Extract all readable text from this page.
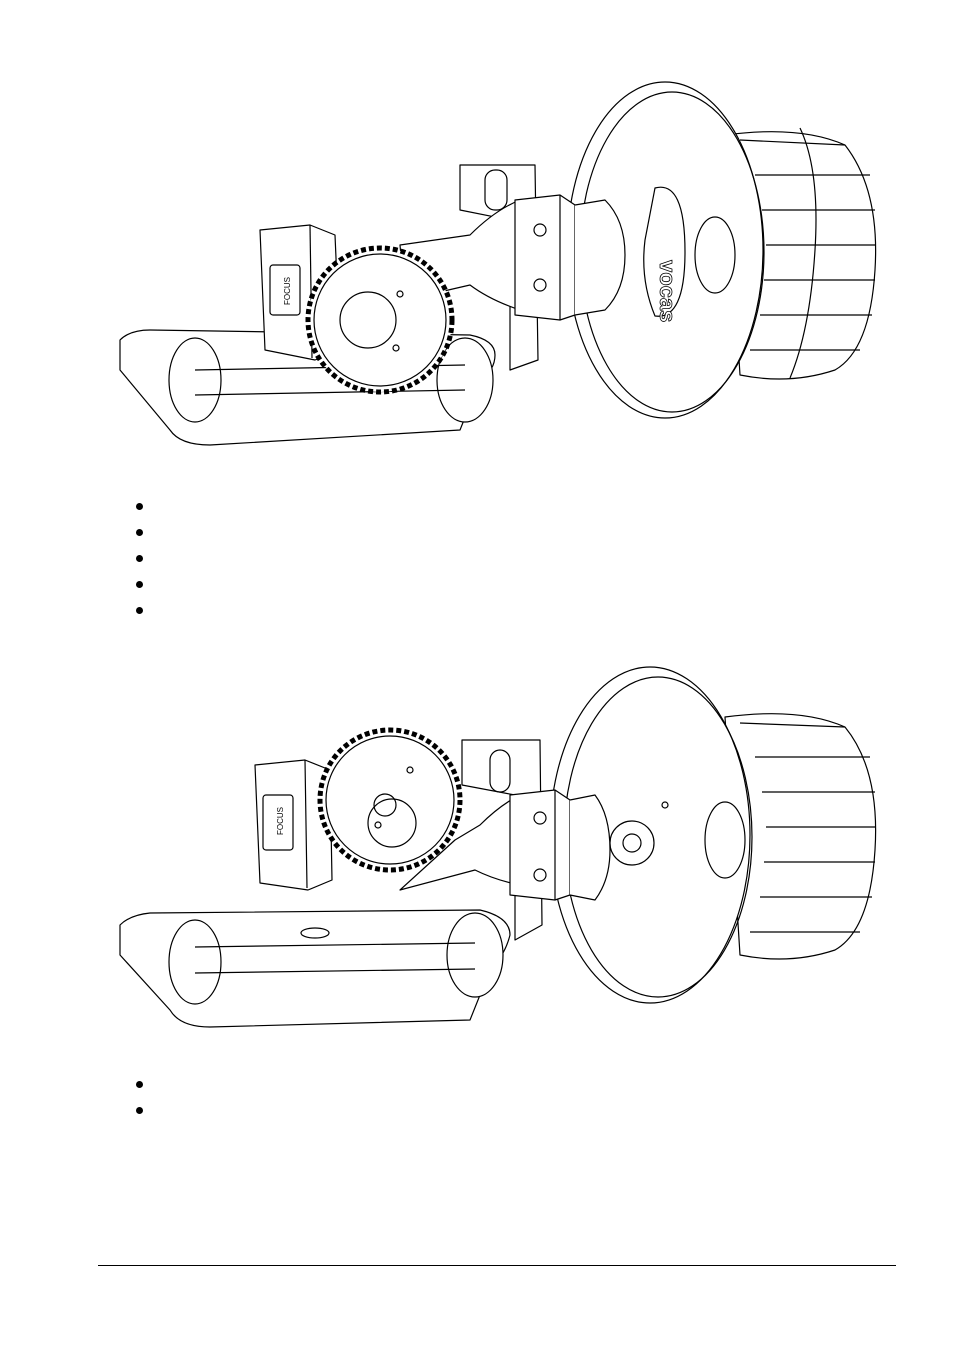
vocas
FOCUS
FOCUS
